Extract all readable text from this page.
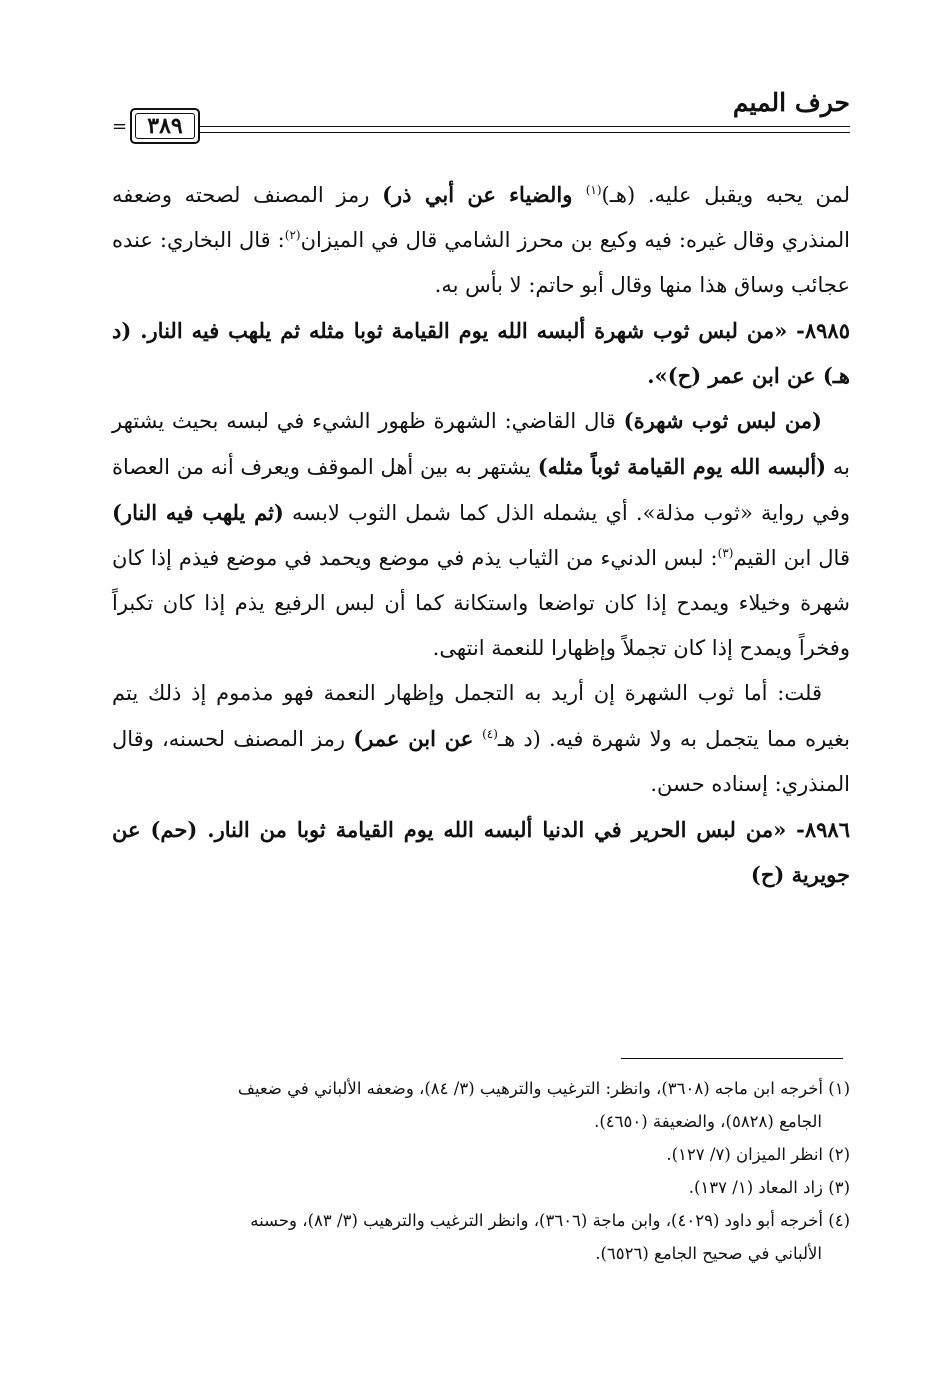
حرف الميم
= ٣٨٩

لمن يحبه ويقبل عليه. (هـ)$^{(١)}$ والضياء عن أبي ذر) رمز المصنف لصحته وضعفه المنذري وقال غيره: فيه وكيع بن محرز الشامي قال في الميزان$^{(٢)}$: قال البخاري: عنده عجائب وساق هذا منها وقال أبو حاتم: لا بأس به.

٨٩٨٥- «من لبس ثوب شهرة ألبسه الله يوم القيامة ثوبا مثله ثم يلهب فيه النار. (د هـ) عن ابن عمر (ح)».

(من لبس ثوب شهرة) قال القاضي: الشهرة ظهور الشيء في لبسه بحيث يشتهر به (ألبسه الله يوم القيامة ثوباً مثله) يشتهر به بين أهل الموقف ويعرف أنه من العصاة وفي رواية «ثوب مذلة». أي يشمله الذل كما شمل الثوب لابسه (ثم يلهب فيه النار) قال ابن القيم$^{(٣)}$: لبس الدنيء من الثياب يذم في موضع ويحمد في موضع فيذم إذا كان شهرة وخيلاء ويمدح إذا كان تواضعا واستكانة كما أن لبس الرفيع يذم إذا كان تكبراً وفخراً ويمدح إذا كان تجملاً وإظهارا للنعمة انتهى.

قلت: أما ثوب الشهرة إن أريد به التجمل وإظهار النعمة فهو مذموم إذ ذلك يتم بغيره مما يتجمل به ولا شهرة فيه. (د هـ$^{(٤)}$ عن ابن عمر) رمز المصنف لحسنه، وقال المنذري: إسناده حسن.

٨٩٨٦- «من لبس الحرير في الدنيا ألبسه الله يوم القيامة ثوبا من النار. (حم) عن جويرية (ح)

(١) أخرجه ابن ماجه (٣٦٠٨)، وانظر: الترغيب والترهيب (٣/ ٨٤)، وضعفه الألباني في ضعيف
الجامع (٥٨٢٨)، والضعيفة (٤٦٥٠).

(٢) انظر الميزان (٧/ ١٢٧).

(٣) زاد المعاد (١/ ١٣٧).

(٤) أخرجه أبو داود (٤٠٢٩)، وابن ماجة (٣٦٠٦)، وانظر الترغيب والترهيب (٣/ ٨٣)، وحسنه
الألباني في صحيح الجامع (٦٥٢٦).
